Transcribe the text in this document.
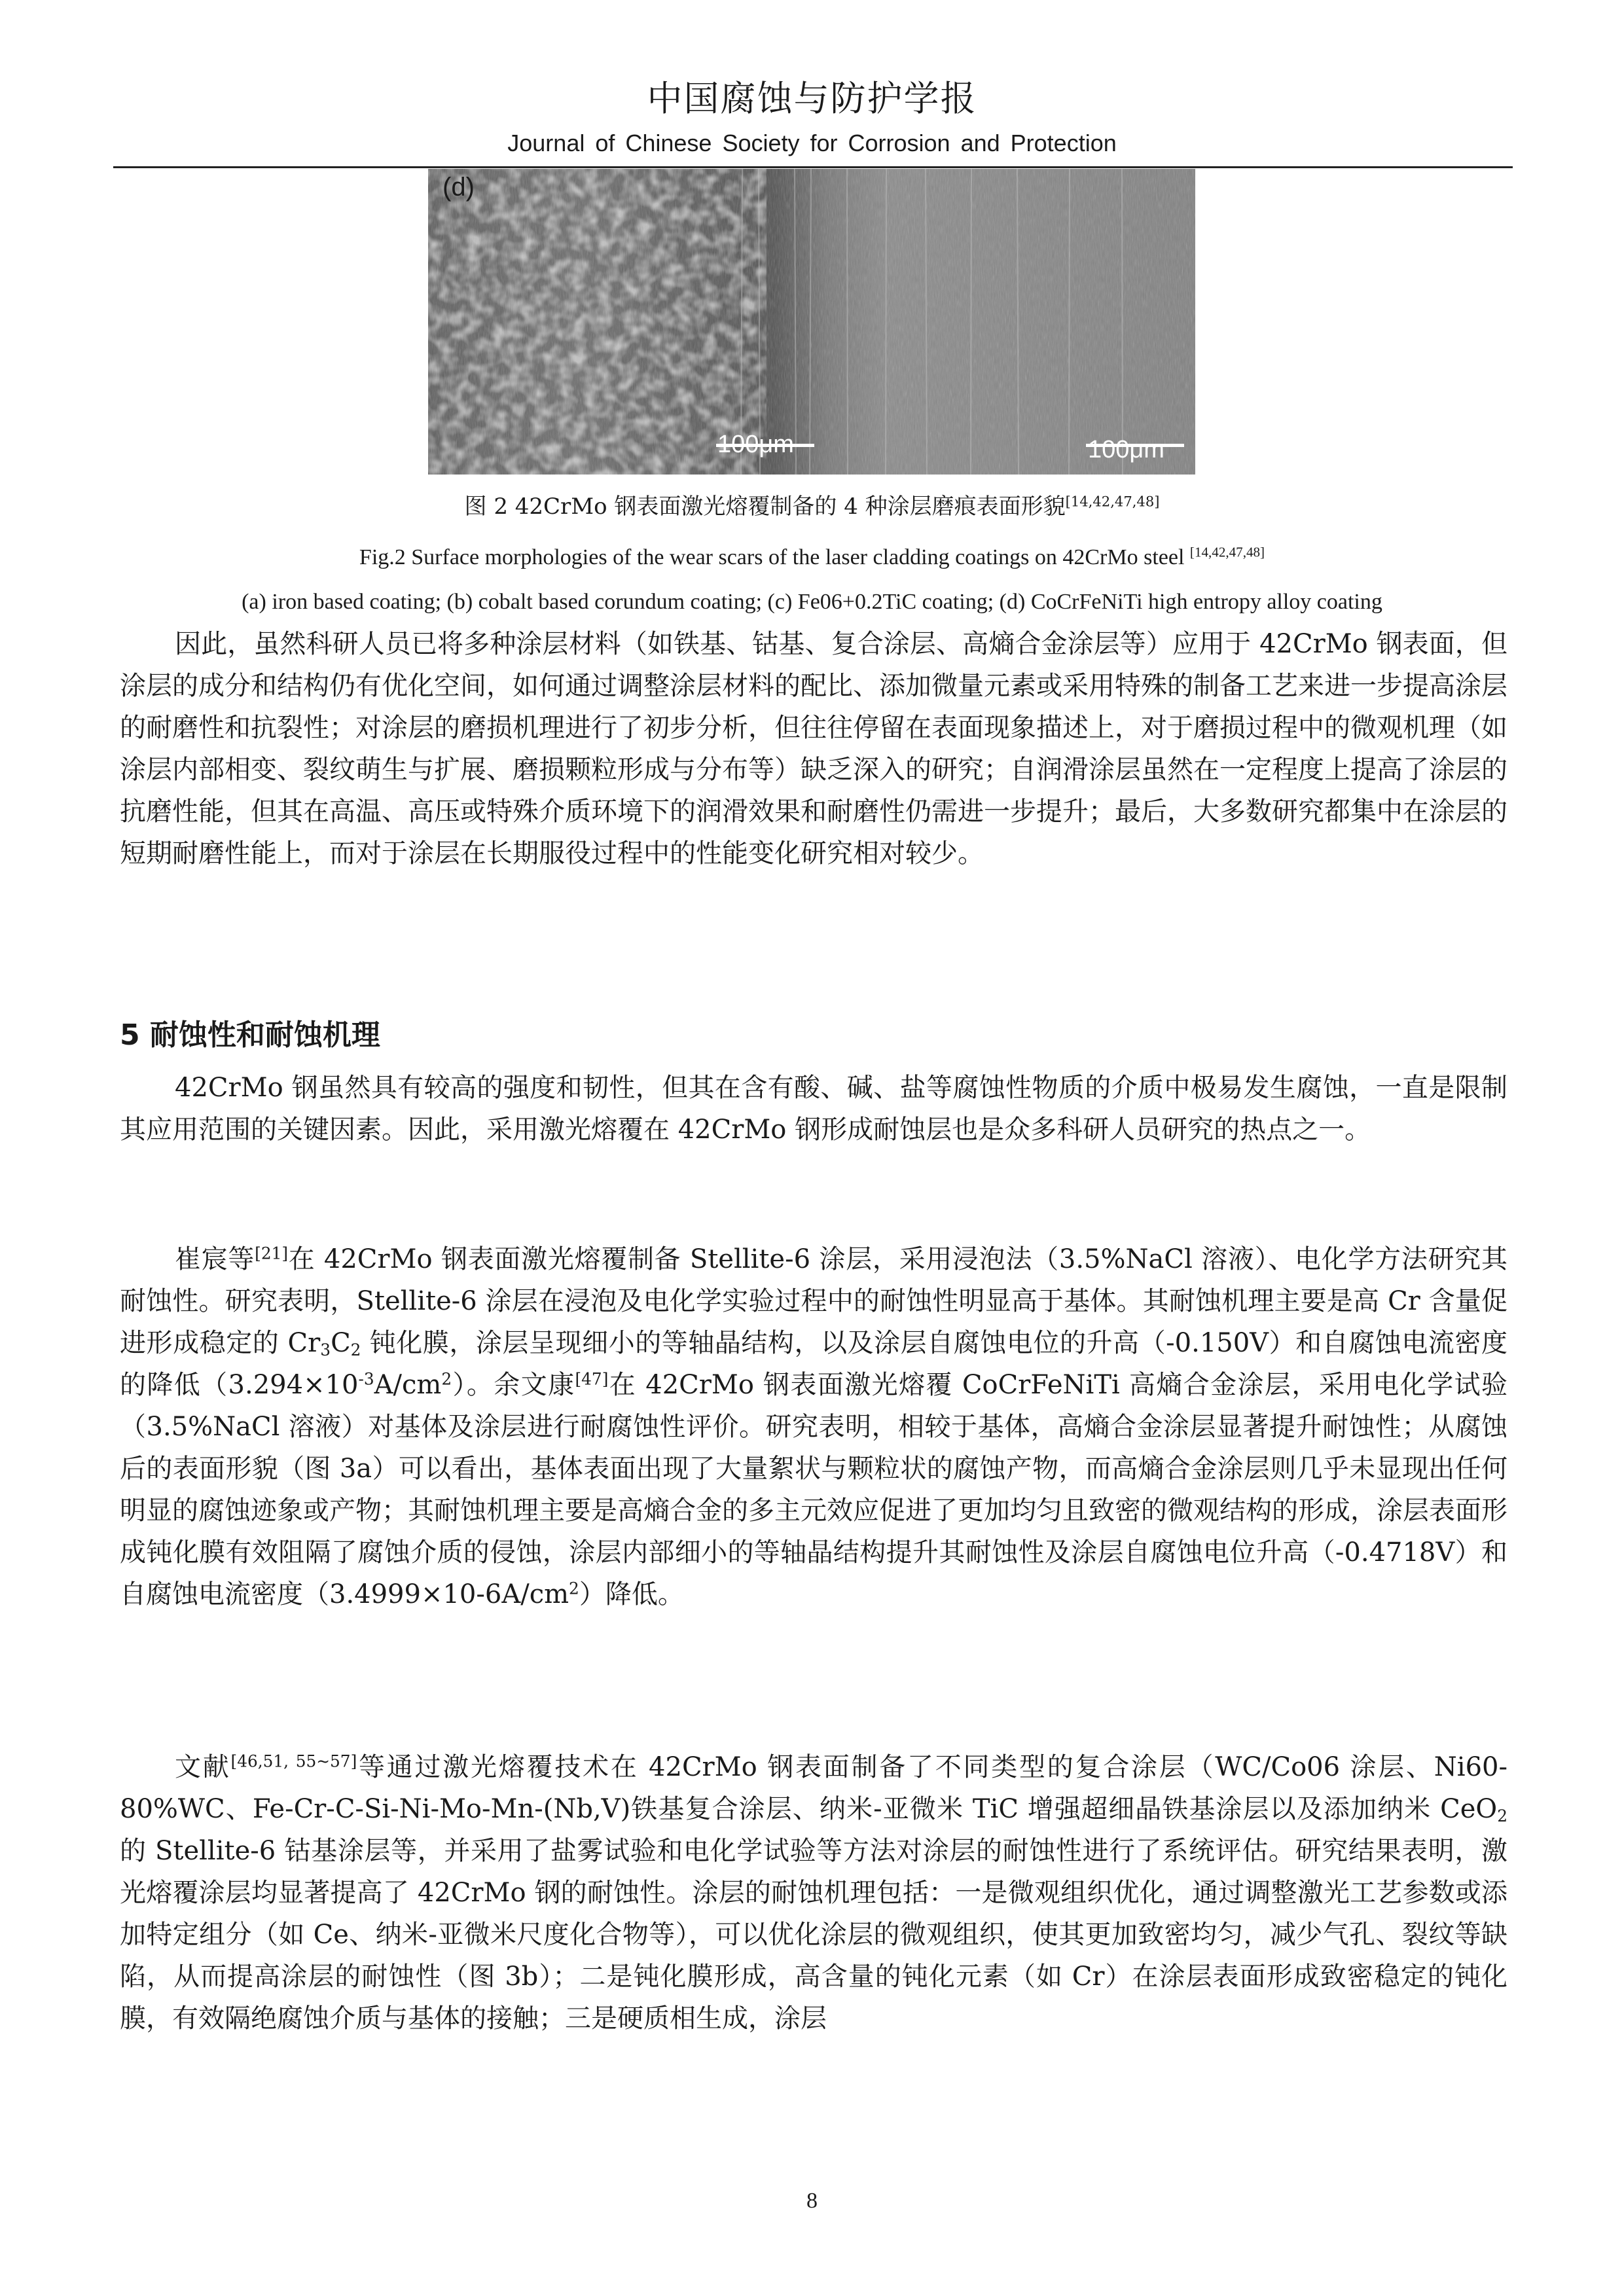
中国腐蚀与防护学报
Journal of Chinese Society for Corrosion and Protection
(d)
100μm	100μm
图 2 42CrMo 钢表面激光熔覆制备的 4 种涂层磨痕表面形貌[14,42,47,48]
Fig.2 Surface morphologies of the wear scars of the laser cladding coatings on 42CrMo steel [14,42,47,48]
(a) iron based coating; (b) cobalt based corundum coating; (c) Fe06+0.2TiC coating; (d) CoCrFeNiTi high entropy alloy coating

因此，虽然科研人员已将多种涂层材料（如铁基、钴基、复合涂层、高熵合金涂层等）应用于 42CrMo 钢表面，但涂层的成分和结构仍有优化空间，如何通过调整涂层材料的配比、添加微量元素或采用特殊的制备工艺来进一步提高涂层的耐磨性和抗裂性；对涂层的磨损机理进行了初步分析，但往往停留在表面现象描述上，对于磨损过程中的微观机理（如涂层内部相变、裂纹萌生与扩展、磨损颗粒形成与分布等）缺乏深入的研究；自润滑涂层虽然在一定程度上提高了涂层的抗磨性能，但其在高温、高压或特殊介质环境下的润滑效果和耐磨性仍需进一步提升；最后，大多数研究都集中在涂层的短期耐磨性能上，而对于涂层在长期服役过程中的性能变化研究相对较少。

5 耐蚀性和耐蚀机理

42CrMo 钢虽然具有较高的强度和韧性，但其在含有酸、碱、盐等腐蚀性物质的介质中极易发生腐蚀，一直是限制其应用范围的关键因素。因此，采用激光熔覆在 42CrMo 钢形成耐蚀层也是众多科研人员研究的热点之一。

崔宸等[21]在 42CrMo 钢表面激光熔覆制备 Stellite-6 涂层，采用浸泡法（3.5%NaCl 溶液）、电化学方法研究其耐蚀性。研究表明，Stellite-6 涂层在浸泡及电化学实验过程中的耐蚀性明显高于基体。其耐蚀机理主要是高 Cr 含量促进形成稳定的 $Cr_3C_2$ 钝化膜，涂层呈现细小的等轴晶结构，以及涂层自腐蚀电位的升高（-0.150V）和自腐蚀电流密度的降低$(3.294\times 10^{-3}A/cm^2)$。余文康[47]在 42CrMo 钢表面激光熔覆 CoCrFeNiTi 高熵合金涂层，采用电化学试验（3.5%NaCl 溶液）对基体及涂层进行耐腐蚀性评价。研究表明，相较于基体，高熵合金涂层显著提升耐蚀性；从腐蚀后的表面形貌（图 3a）可以看出，基体表面出现了大量絮状与颗粒状的腐蚀产物，而高熵合金涂层则几乎未显现出任何明显的腐蚀迹象或产物；其耐蚀机理主要是高熵合金的多主元效应促进了更加均匀且致密的微观结构的形成，涂层表面形成钝化膜有效阻隔了腐蚀介质的侵蚀，涂层内部细小的等轴晶结构提升其耐蚀性及涂层自腐蚀电位升高（-0.4718V）和自腐蚀电流密度$(3.4999\times 10-6A/cm^2)$降低。

文献[46,51, 55~57]等通过激光熔覆技术在 42CrMo 钢表面制备了不同类型的复合涂层（WC/Co06 涂层、Ni60-80%WC、Fe-Cr-C-Si-Ni-Mo-Mn-(Nb,V)铁基复合涂层、纳米-亚微米 TiC 增强超细晶铁基涂层以及添加纳米 CeO$_2$ 的 Stellite-6 钴基涂层等，并采用了盐雾试验和电化学试验等方法对涂层的耐蚀性进行了系统评估。研究结果表明，激光熔覆涂层均显著提高了 42CrMo 钢的耐蚀性。涂层的耐蚀机理包括：一是微观组织优化，通过调整激光工艺参数或添加特定组分（如 Ce、纳米-亚微米尺度化合物等），可以优化涂层的微观组织，使其更加致密均匀，减少气孔、裂纹等缺陷，从而提高涂层的耐蚀性（图 3b）；二是钝化膜形成，高含量的钝化元素（如 Cr）在涂层表面形成致密稳定的钝化膜，有效隔绝腐蚀介质与基体的接触；三是硬质相生成，涂层

8
